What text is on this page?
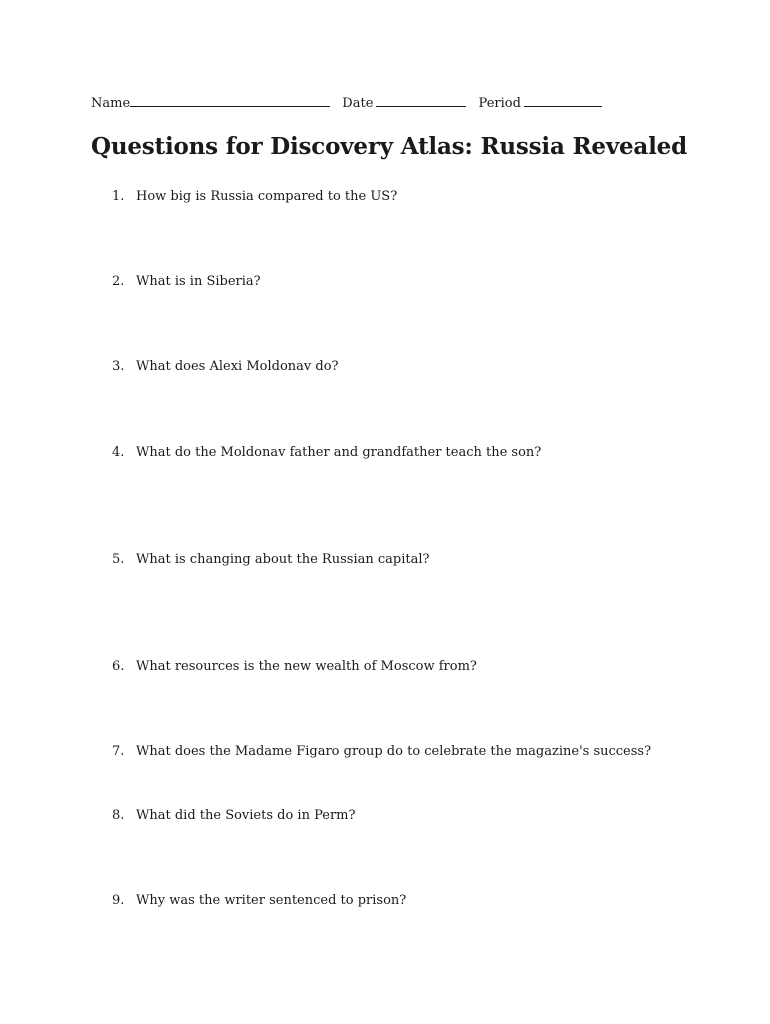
Name	Date	Period
Questions for Discovery Atlas: Russia Revealed
1. How big is Russia compared to the US?
2. What is in Siberia?
3. What does Alexi Moldonav do?
4. What do the Moldonav father and grandfather teach the son?
5. What is changing about the Russian capital?
6. What resources is the new wealth of Moscow from?
7. What does the Madame Figaro group do to celebrate the magazine's success?
8. What did the Soviets do in Perm?
9. Why was the writer sentenced to prison?
